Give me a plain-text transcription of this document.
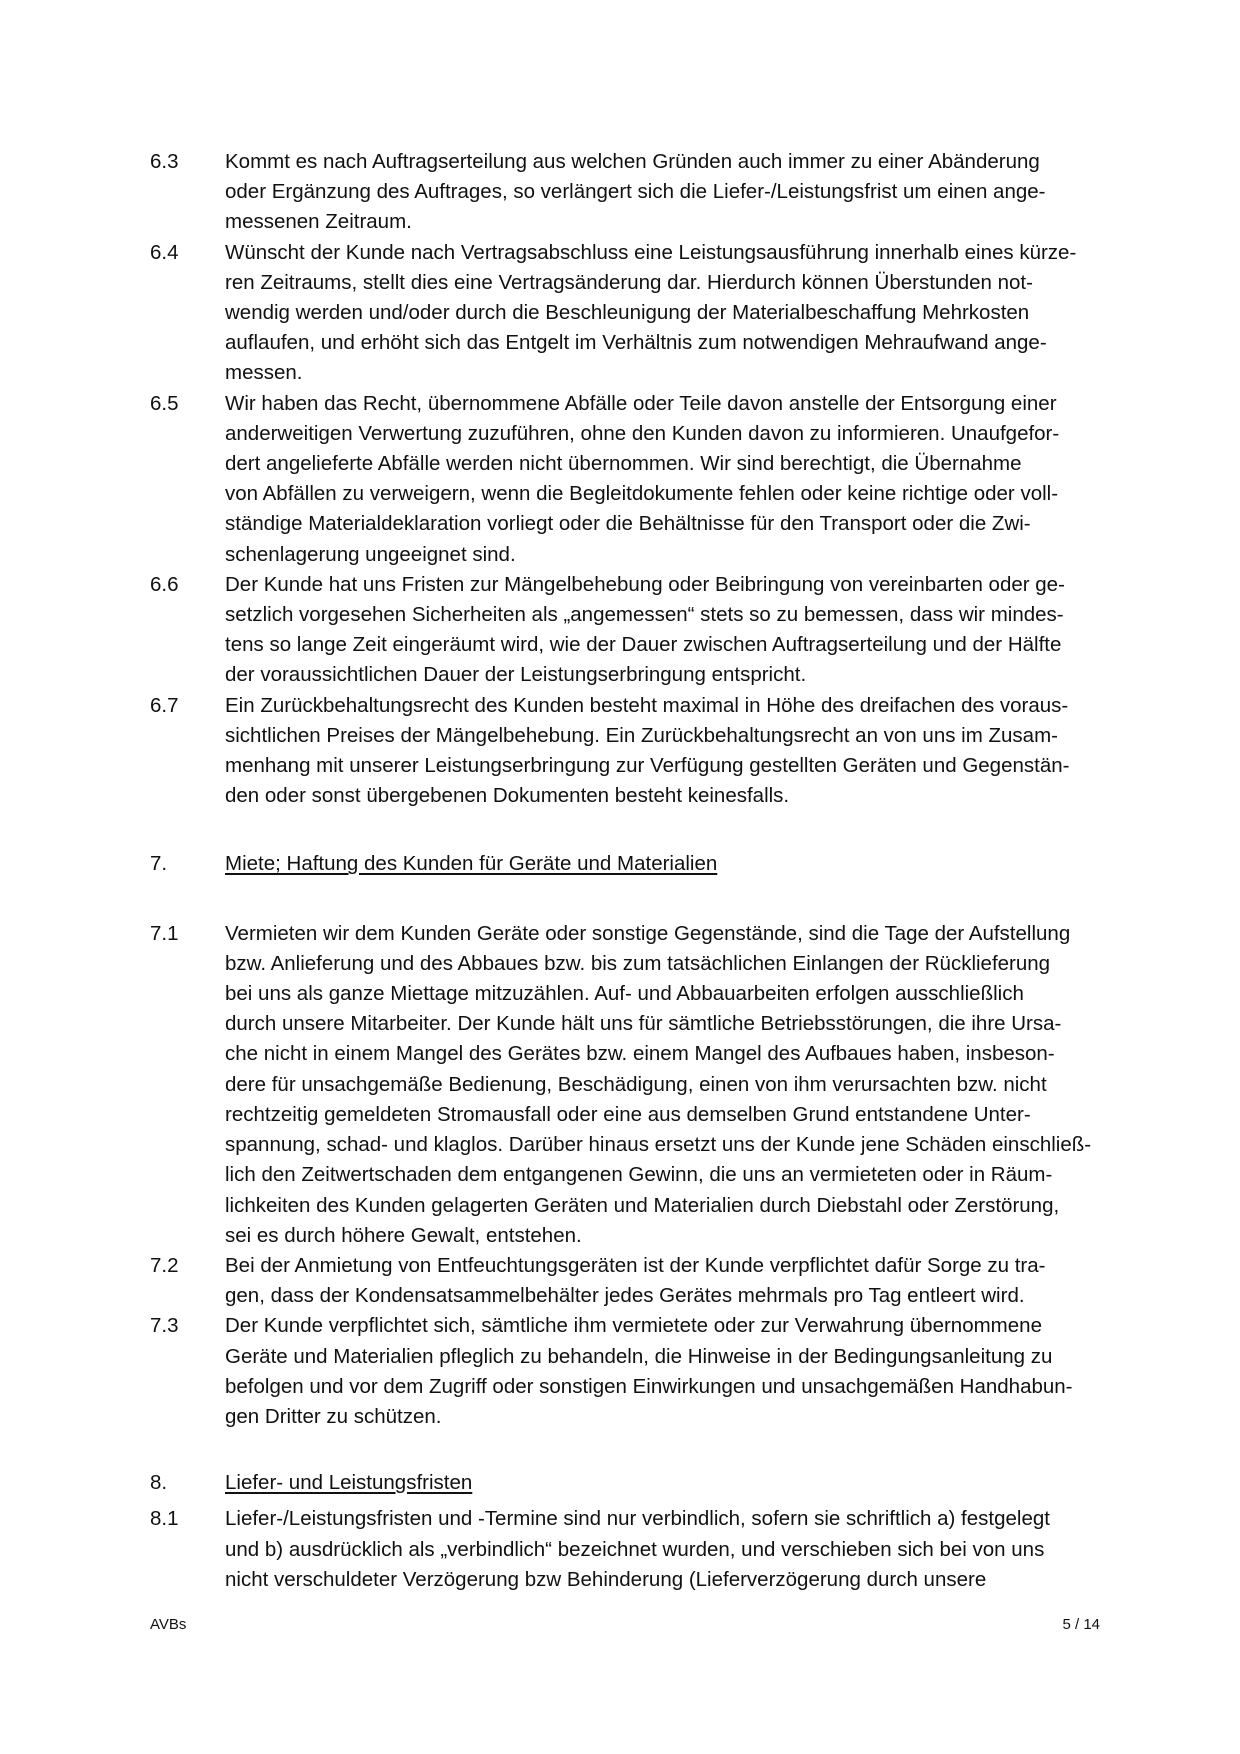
6.3	Kommt es nach Auftragserteilung aus welchen Gründen auch immer zu einer Abänderung
oder Ergänzung des Auftrages, so verlängert sich die Liefer-/Leistungsfrist um einen ange-
messenen Zeitraum.
6.4	Wünscht der Kunde nach Vertragsabschluss eine Leistungsausführung innerhalb eines kürze-
ren Zeitraums, stellt dies eine Vertragsänderung dar. Hierdurch können Überstunden not-
wendig werden und/oder durch die Beschleunigung der Materialbeschaffung Mehrkosten
auflaufen, und erhöht sich das Entgelt im Verhältnis zum notwendigen Mehraufwand ange-
messen.
6.5	Wir haben das Recht, übernommene Abfälle oder Teile davon anstelle der Entsorgung einer
anderweitigen Verwertung zuzuführen, ohne den Kunden davon zu informieren. Unaufgefor-
dert angelieferte Abfälle werden nicht übernommen. Wir sind berechtigt, die Übernahme
von Abfällen zu verweigern, wenn die Begleitdokumente fehlen oder keine richtige oder voll-
ständige Materialdeklaration vorliegt oder die Behältnisse für den Transport oder die Zwi-
schenlagerung ungeeignet sind.
6.6	Der Kunde hat uns Fristen zur Mängelbehebung oder Beibringung von vereinbarten oder ge-
setzlich vorgesehen Sicherheiten als „angemessen“ stets so zu bemessen, dass wir mindes-
tens so lange Zeit eingeräumt wird, wie der Dauer zwischen Auftragserteilung und der Hälfte
der voraussichtlichen Dauer der Leistungserbringung entspricht.
6.7	Ein Zurückbehaltungsrecht des Kunden besteht maximal in Höhe des dreifachen des voraus-
sichtlichen Preises der Mängelbehebung. Ein Zurückbehaltungsrecht an von uns im Zusam-
menhang mit unserer Leistungserbringung zur Verfügung gestellten Geräten und Gegenstän-
den oder sonst übergebenen Dokumenten besteht keinesfalls.
7.	Miete; Haftung des Kunden für Geräte und Materialien
7.1	Vermieten wir dem Kunden Geräte oder sonstige Gegenstände, sind die Tage der Aufstellung
bzw. Anlieferung und des Abbaues bzw. bis zum tatsächlichen Einlangen der Rücklieferung
bei uns als ganze Miettage mitzuzählen. Auf- und Abbauarbeiten erfolgen ausschließlich
durch unsere Mitarbeiter. Der Kunde hält uns für sämtliche Betriebsstörungen, die ihre Ursa-
che nicht in einem Mangel des Gerätes bzw. einem Mangel des Aufbaues haben, insbeson-
dere für unsachgemäße Bedienung, Beschädigung, einen von ihm verursachten bzw. nicht
rechtzeitig gemeldeten Stromausfall oder eine aus demselben Grund entstandene Unter-
spannung, schad- und klaglos. Darüber hinaus ersetzt uns der Kunde jene Schäden einschließ-
lich den Zeitwertschaden dem entgangenen Gewinn, die uns an vermieteten oder in Räum-
lichkeiten des Kunden gelagerten Geräten und Materialien durch Diebstahl oder Zerstörung,
sei es durch höhere Gewalt, entstehen.
7.2	Bei der Anmietung von Entfeuchtungsgeräten ist der Kunde verpflichtet dafür Sorge zu tra-
gen, dass der Kondensatsammelbehälter jedes Gerätes mehrmals pro Tag entleert wird.
7.3	Der Kunde verpflichtet sich, sämtliche ihm vermietete oder zur Verwahrung übernommene
Geräte und Materialien pfleglich zu behandeln, die Hinweise in der Bedingungsanleitung zu
befolgen und vor dem Zugriff oder sonstigen Einwirkungen und unsachgemäßen Handhabun-
gen Dritter zu schützen.
8.	Liefer- und Leistungsfristen
8.1	Liefer-/Leistungsfristen und -Termine sind nur verbindlich, sofern sie schriftlich a) festgelegt
und b) ausdrücklich als „verbindlich“ bezeichnet wurden, und verschieben sich bei von uns
nicht verschuldeter Verzögerung bzw Behinderung (Lieferverzögerung durch unsere
AVBs	5 / 14
